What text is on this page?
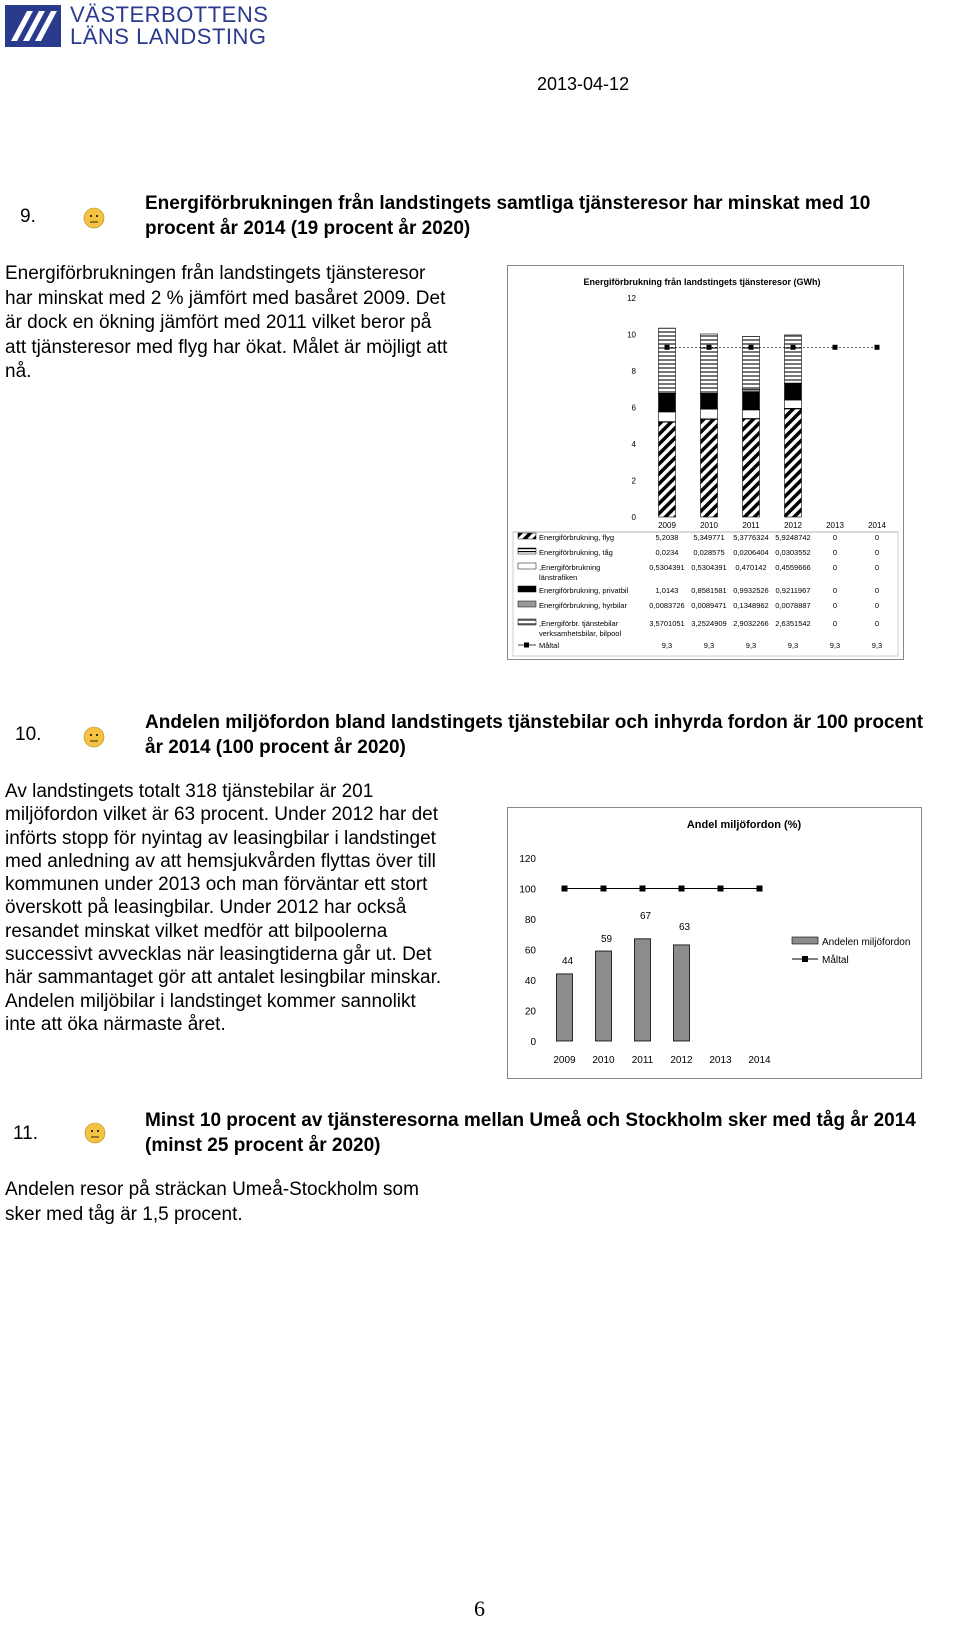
VÄSTERBOTTENS
LÄNS LANDSTING
2013-04-12
9.
Energiförbrukningen från landstingets samtliga tjänsteresor har minskat med 10 procent år 2014 (19 procent år 2020)
Energiförbrukningen från landstingets tjänsteresor har minskat med 2 % jämfört med basåret 2009. Det är dock en ökning jämfört med 2011 vilket beror på att tjänsteresor med flyg har ökat. Målet är möjligt att nå.
Energiförbrukning från landstingets tjänsteresor (GWh)
0
2
4
6
8
10
12
2009	2010	2011	2012	2013	2014
Energiförbrukning, flyg	5,2038 5,349771 5,3776324 5,9248742	0	0
Energiförbrukning, tåg	0,0234 0,028575 0,0206404 0,0303552	0	0
,Energiförbrukning
länstrafiken
0,5304391 0,5304391 0,470142 0,4559666	0	0
Energiförbrukning, privatbil	1,0143 0,8581581 0,9932526 0,9211967	0	0
Energiförbrukning, hyrbilar	0,0083726 0,0089471 0,1348962 0,0078887	0	0
,Energiförbr. tjänstebilar
verksamhetsbilar, bilpool
3,5701051 3,2524909 2,9032266 2,6351542	0	0
Måltal	9,3	9,3	9,3	9,3	9,3	9,3
10.
Andelen miljöfordon bland landstingets tjänstebilar och inhyrda fordon är 100 procent år 2014 (100 procent år 2020)
Av landstingets totalt 318 tjänstebilar är 201 miljöfordon vilket är 63 procent. Under 2012 har det införts stopp för nyintag av leasingbilar i landstinget med anledning av att hemsjukvården flyttas över till kommunen under 2013 och man förväntar ett stort överskott på leasingbilar. Under 2012 har också resandet minskat vilket medför att bilpoolerna successivt avvecklas när leasingtiderna går ut. Det här sammantaget gör att antalet lesingbilar minskar. Andelen miljöbilar i landstinget kommer sannolikt inte att öka närmaste året.
Andel miljöfordon (%)
0
20
40
60
80
100
120
2009 2010 2011 2012 2013 2014
44
59
67
63
Andelen miljöfordon
Måltal
11.
Minst 10 procent av tjänsteresorna mellan Umeå och Stockholm sker med tåg år 2014 (minst 25 procent år 2020)
Andelen resor på sträckan Umeå-Stockholm som sker med tåg är 1,5 procent.
6
